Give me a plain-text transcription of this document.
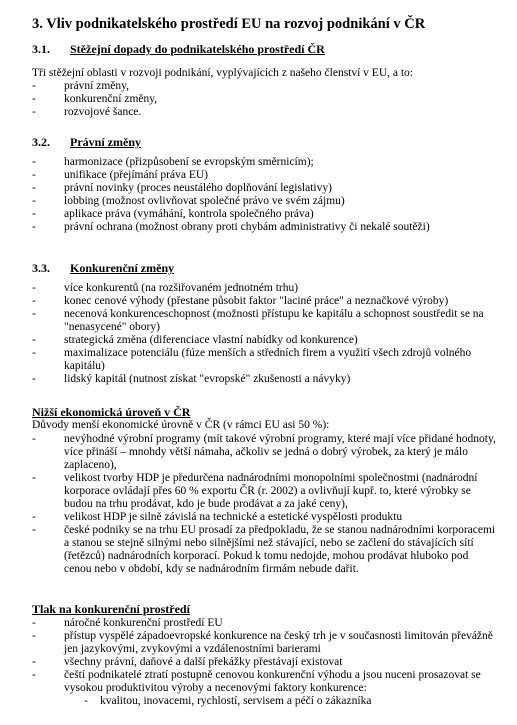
3. Vliv podnikatelského prostředí EU na rozvoj podnikání v ČR
3.1. Stěžejní dopady do podnikatelského prostředí ČR
Tři stěžejní oblasti v rozvoji podnikání, vyplývajících z našeho členství v EU, a to:
- právní změny,
- konkurenční změny,
- rozvojové šance.
3.2. Právní změny
- harmonizace (přizpůsobení se evropským směrnicím);
- unifikace (přejímání práva EU)
- právní novinky (proces neustálého doplňování legislativy)
- lobbing (možnost ovlivňovat společné právo ve svém zájmu)
- aplikace práva (vymáhání, kontrola společného práva)
- právní ochrana (možnost obrany proti chybám administrativy či nekalé soutěži)
3.3. Konkurenční změny
- více konkurentů (na rozšiřovaném jednotném trhu)
- konec cenové výhody (přestane působit faktor "laciné práce" a neznačkové výroby)
- necenová konkurenceschopnost (možnosti přístupu ke kapitálu a schopnost soustředit se na "nenasycené" obory)
- strategická změna (diferenciace vlastní nabídky od konkurence)
- maximalizace potenciálu (fúze menších a středních firem a využití všech zdrojů volného kapitálu)
- lidský kapitál (nutnost získat "evropské" zkušenosti a návyky)
Nižší ekonomická úroveň v ČR
Důvody menší ekonomické úrovně v ČR (v rámci EU asi 50 %):
- nevýhodné výrobní programy (mít takové výrobní programy, které mají více přidané hodnoty, více přináší – mnohdy větší námaha, ačkoliv se jedná o dobrý výrobek, za který je málo zaplaceno),
- velikost tvorby HDP je předurčena nadnárodními monopolními společnostmi (nadnárodní korporace ovládají přes 60 % exportu ČR (r. 2002) a ovlivňují kupř. to, které výrobky se budou na trhu prodávat, kdo je bude prodávat a za jaké ceny),
- velikost HDP je silně závislá na technické a estetické vyspělosti produktu
- české podniky se na trhu EU prosadí za předpokladu, že se stanou nadnárodními korporacemi a stanou se stejně silnými nebo silnějšími než stávající, nebo se začlení do stávajících sítí (řetězců) nadnárodních korporací. Pokud k tomu nedojde, mohou prodávat hluboko pod cenou nebo v období, kdy se nadnárodním firmám nebude dařit.
Tlak na konkurenční prostředí
- náročné konkurenční prostředí EU
- přístup vyspělé západoevropské konkurence na český trh je v současnosti limitován převážně jen jazykovými, zvykovými a vzdálenostními barierami
- všechny právní, daňové a další překážky přestávají existovat
- čeští podnikatelé ztratí postupně cenovou konkurenční výhodu a jsou nuceni prosazovat se vysokou produktivitou výroby a necenovými faktory konkurence:
- kvalitou, inovacemi, rychlostí, servisem a péčí o zákazníka
